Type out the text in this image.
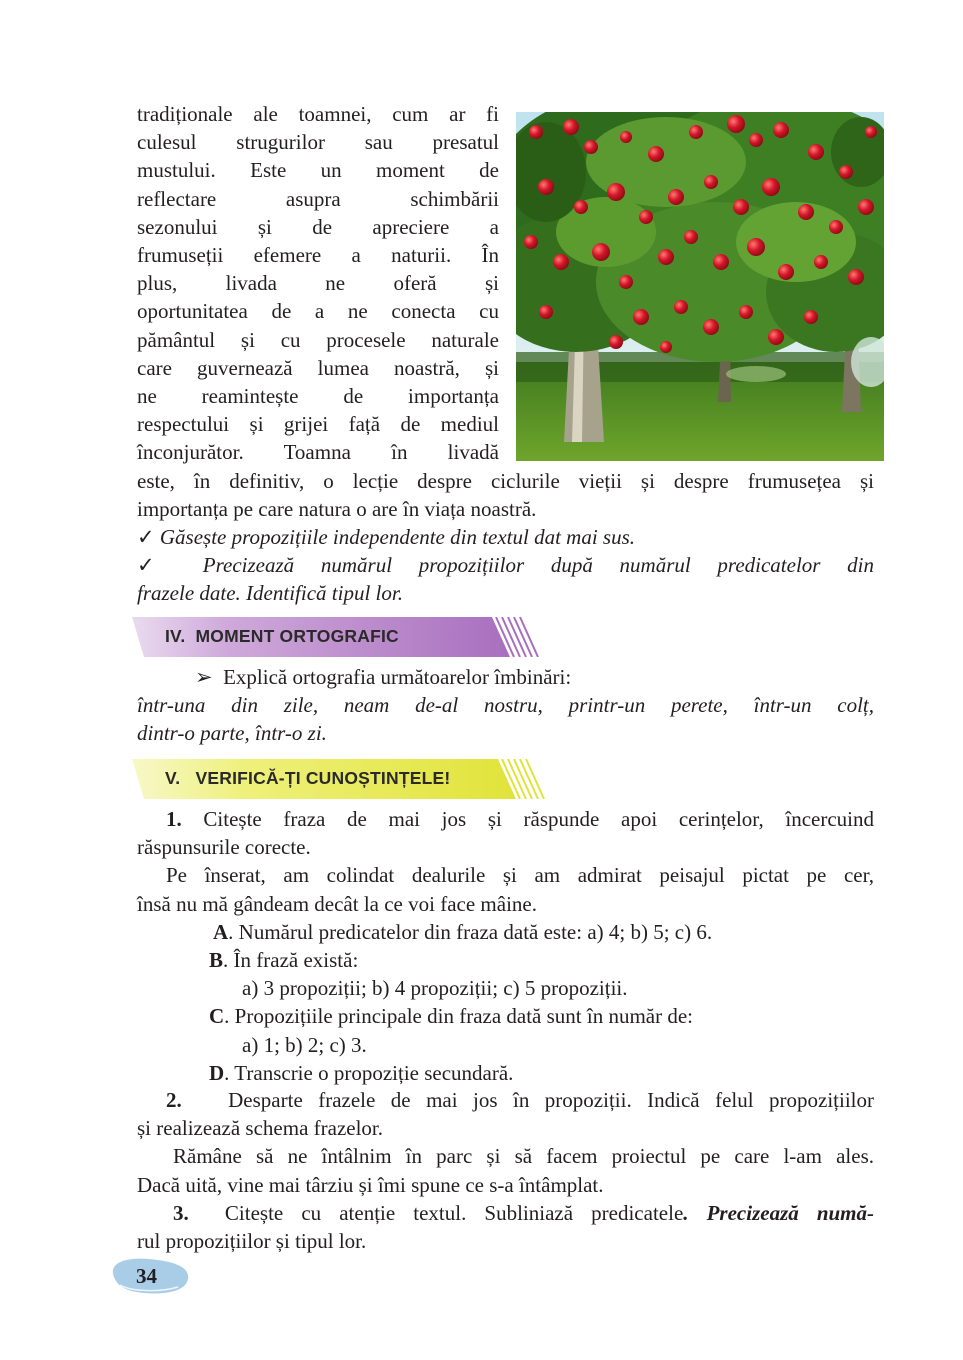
tradiționale ale toamnei, cum ar fi
culesul strugurilor sau presatul
mustului. Este un moment de
reflectare asupra schimbării
sezonului și de apreciere a
frumuseții efemere a naturii. În
plus, livada ne oferă și
oportunitatea de a ne conecta cu
pământul și cu procesele naturale
care guvernează lumea noastră, și
ne reamintește de importanța
respectului și grijei față de mediul
înconjurător. Toamna în livadă
este, în definitiv, o lecție despre ciclurile vieții și despre frumusețea și
importanța pe care natura o are în viața noastră.
✓ Găsește propozițiile independente din textul dat mai sus.
✓ Precizează numărul propozițiilor după numărul predicatelor din
frazele date. Identifică tipul lor.
IV. MOMENT ORTOGRAFIC
➢ Explică ortografia următoarelor îmbinări:
într-una din zile, neam de-al nostru, printr-un perete, într-un colț,
dintr-o parte, într-o zi.
V. VERIFICĂ-ȚI CUNOȘTINȚELE!
1. Citește fraza de mai jos și răspunde apoi cerințelor, încercuind
răspunsurile corecte.
Pe înserat, am colindat dealurile și am admirat peisajul pictat pe cer,
însă nu mă gândeam decât la ce voi face mâine.
A. Numărul predicatelor din fraza dată este: a) 4; b) 5; c) 6.
B. În frază există:
a) 3 propoziții; b) 4 propoziții; c) 5 propoziții.
C. Propozițiile principale din fraza dată sunt în număr de:
a) 1; b) 2; c) 3.
D. Transcrie o propoziție secundară.
2. Desparte frazele de mai jos în propoziții. Indică felul propozițiilor
și realizează schema frazelor.
Rămâne să ne întâlnim în parc și să facem proiectul pe care l-am ales.
Dacă uită, vine mai târziu și îmi spune ce s-a întâmplat.
3. Citește cu atenție textul. Subliniază predicatele. Precizează numă-
rul propozițiilor și tipul lor.
34
